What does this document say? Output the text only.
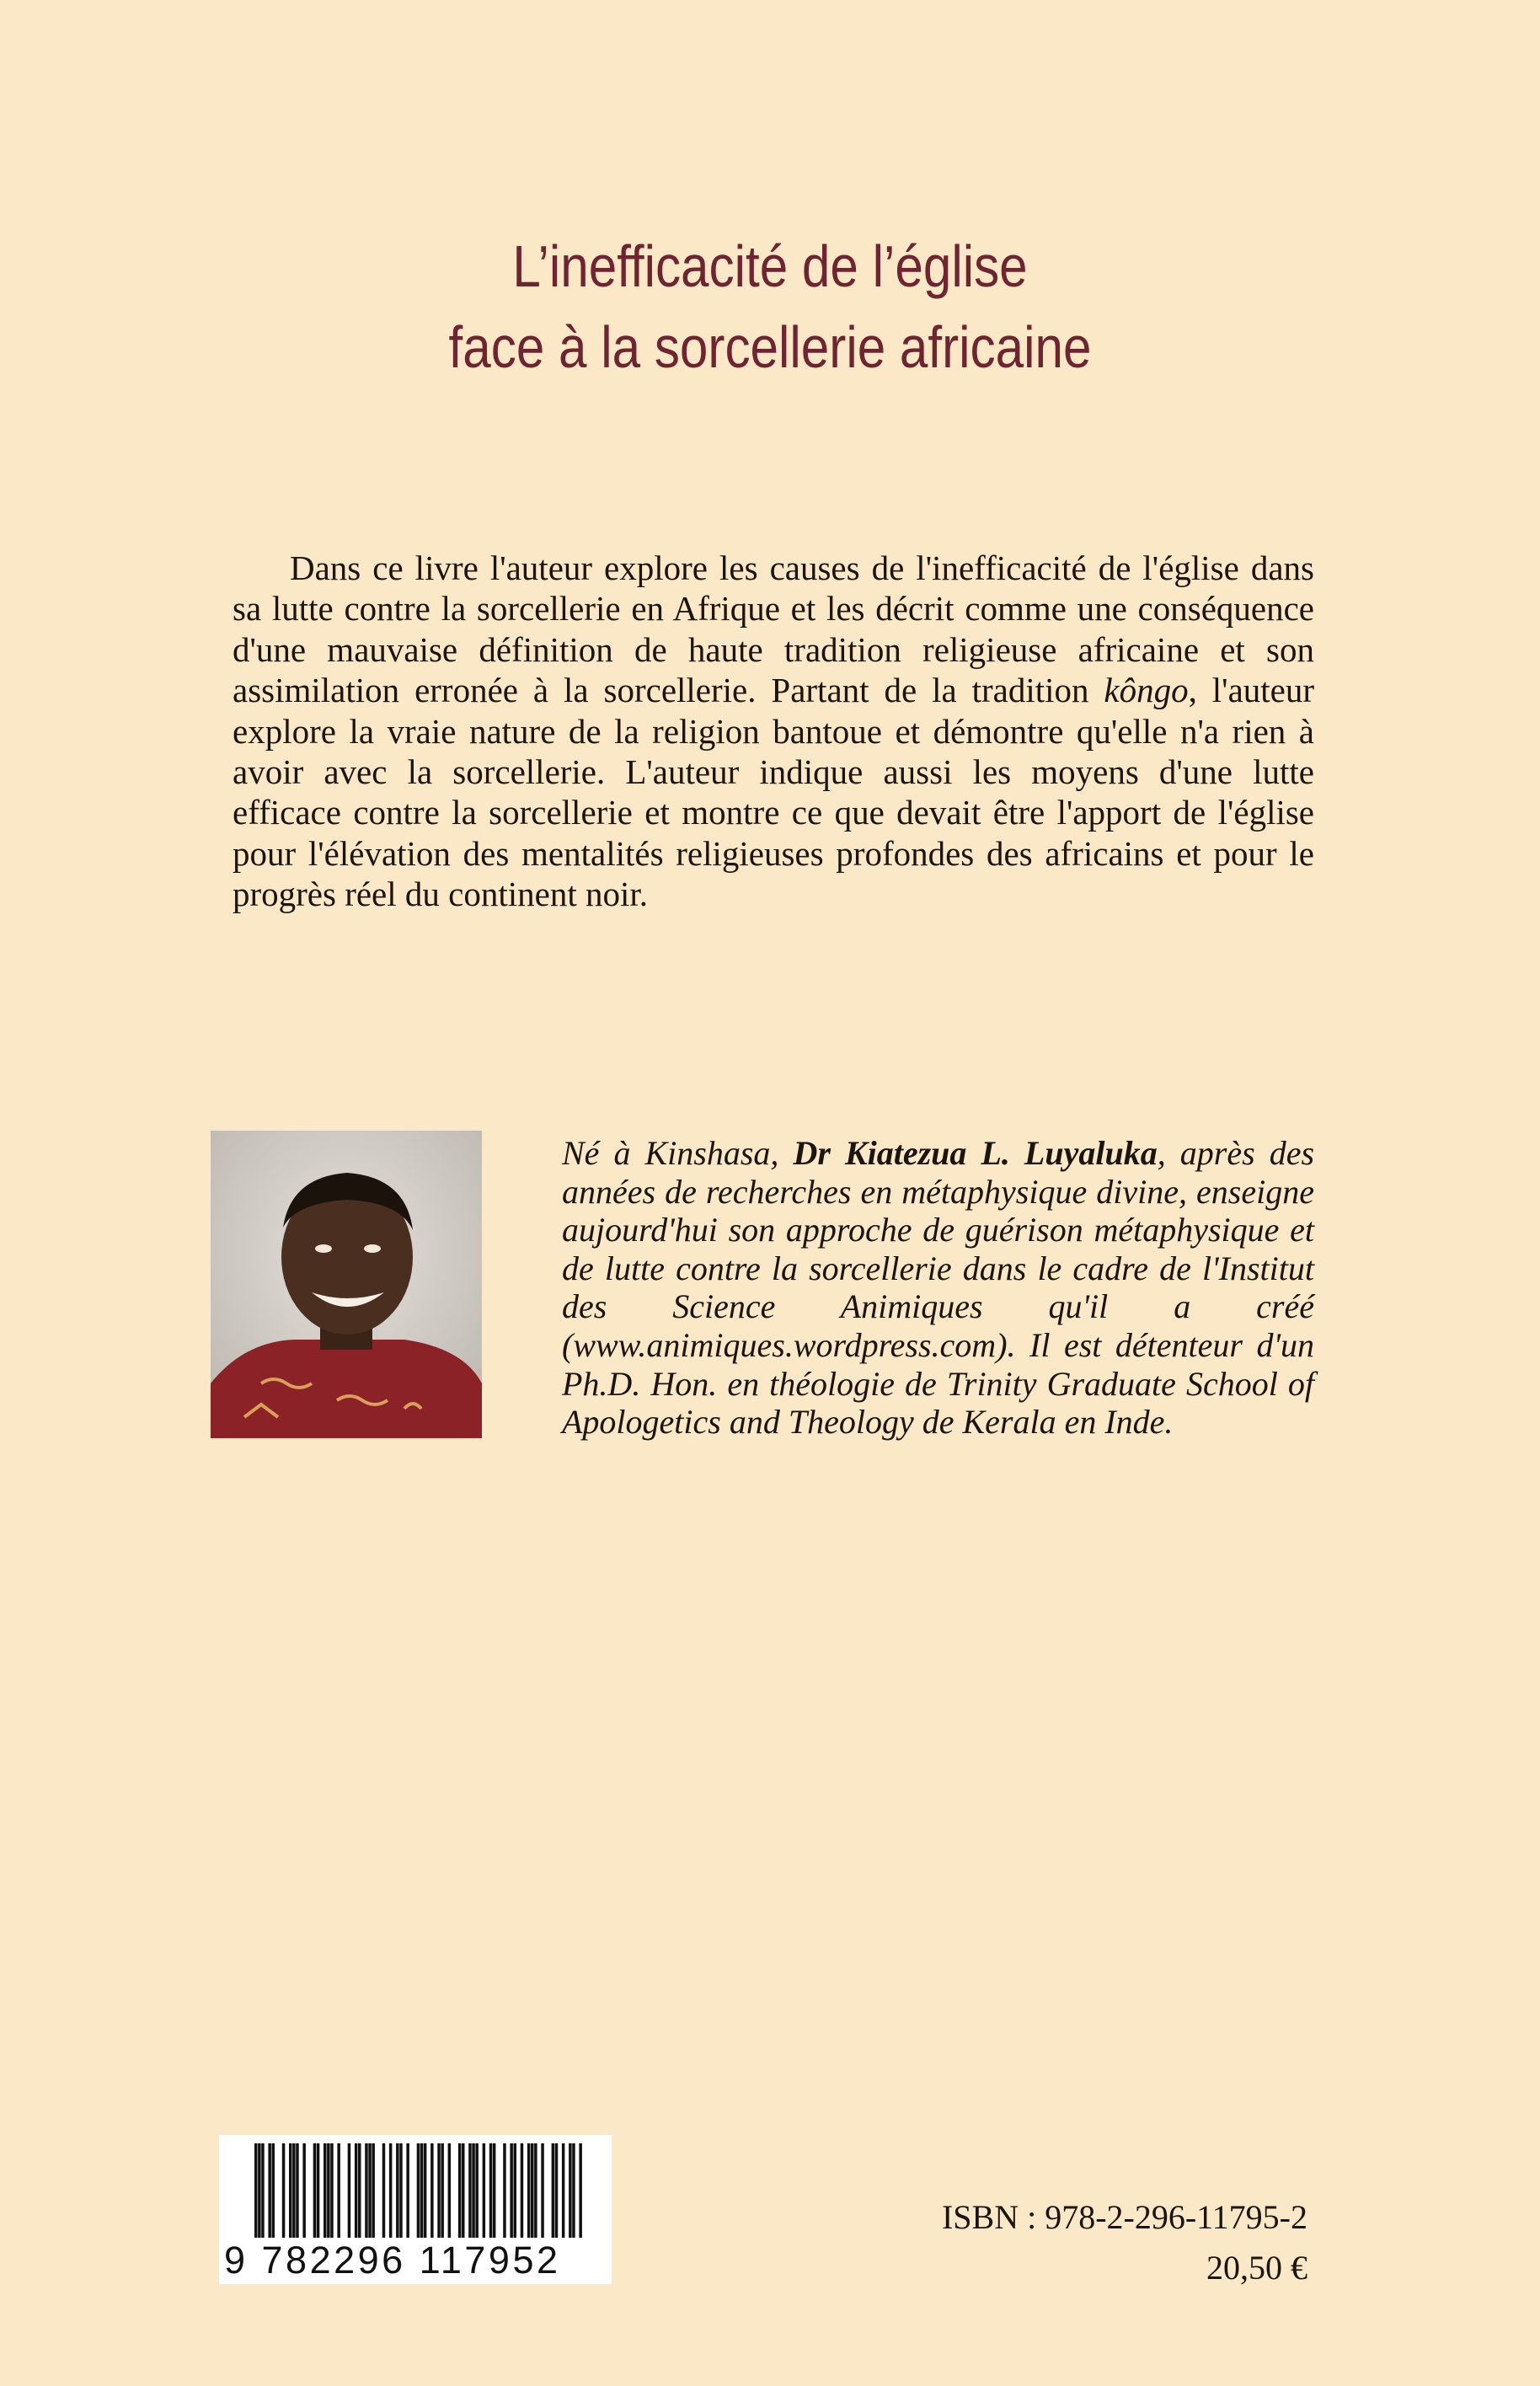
L’inefficacité de l’église
face à la sorcellerie africaine

Dans ce livre l'auteur explore les causes de l'inefficacité de l'église dans sa lutte contre la sorcellerie en Afrique et les décrit comme une conséquence d'une mauvaise définition de haute tradition religieuse africaine et son assimilation erronée à la sorcellerie. Partant de la tradition kôngo, l'auteur explore la vraie nature de la religion bantoue et démontre qu'elle n'a rien à avoir avec la sorcellerie. L'auteur indique aussi les moyens d'une lutte efficace contre la sorcellerie et montre ce que devait être l'apport de l'église pour l'élévation des mentalités religieuses profondes des africains et pour le progrès réel du continent noir.

Né à Kinshasa, Dr Kiatezua L. Luyaluka, après des années de recherches en métaphysique divine, enseigne aujourd'hui son approche de guérison métaphysique et de lutte contre la sorcellerie dans le cadre de l'Institut des Science Animiques qu'il a créé (www.animiques.wordpress.com). Il est détenteur d'un Ph.D. Hon. en théologie de Trinity Graduate School of Apologetics and Theology de Kerala en Inde.

9 782296 117952
ISBN : 978-2-296-11795-2
20,50 €
